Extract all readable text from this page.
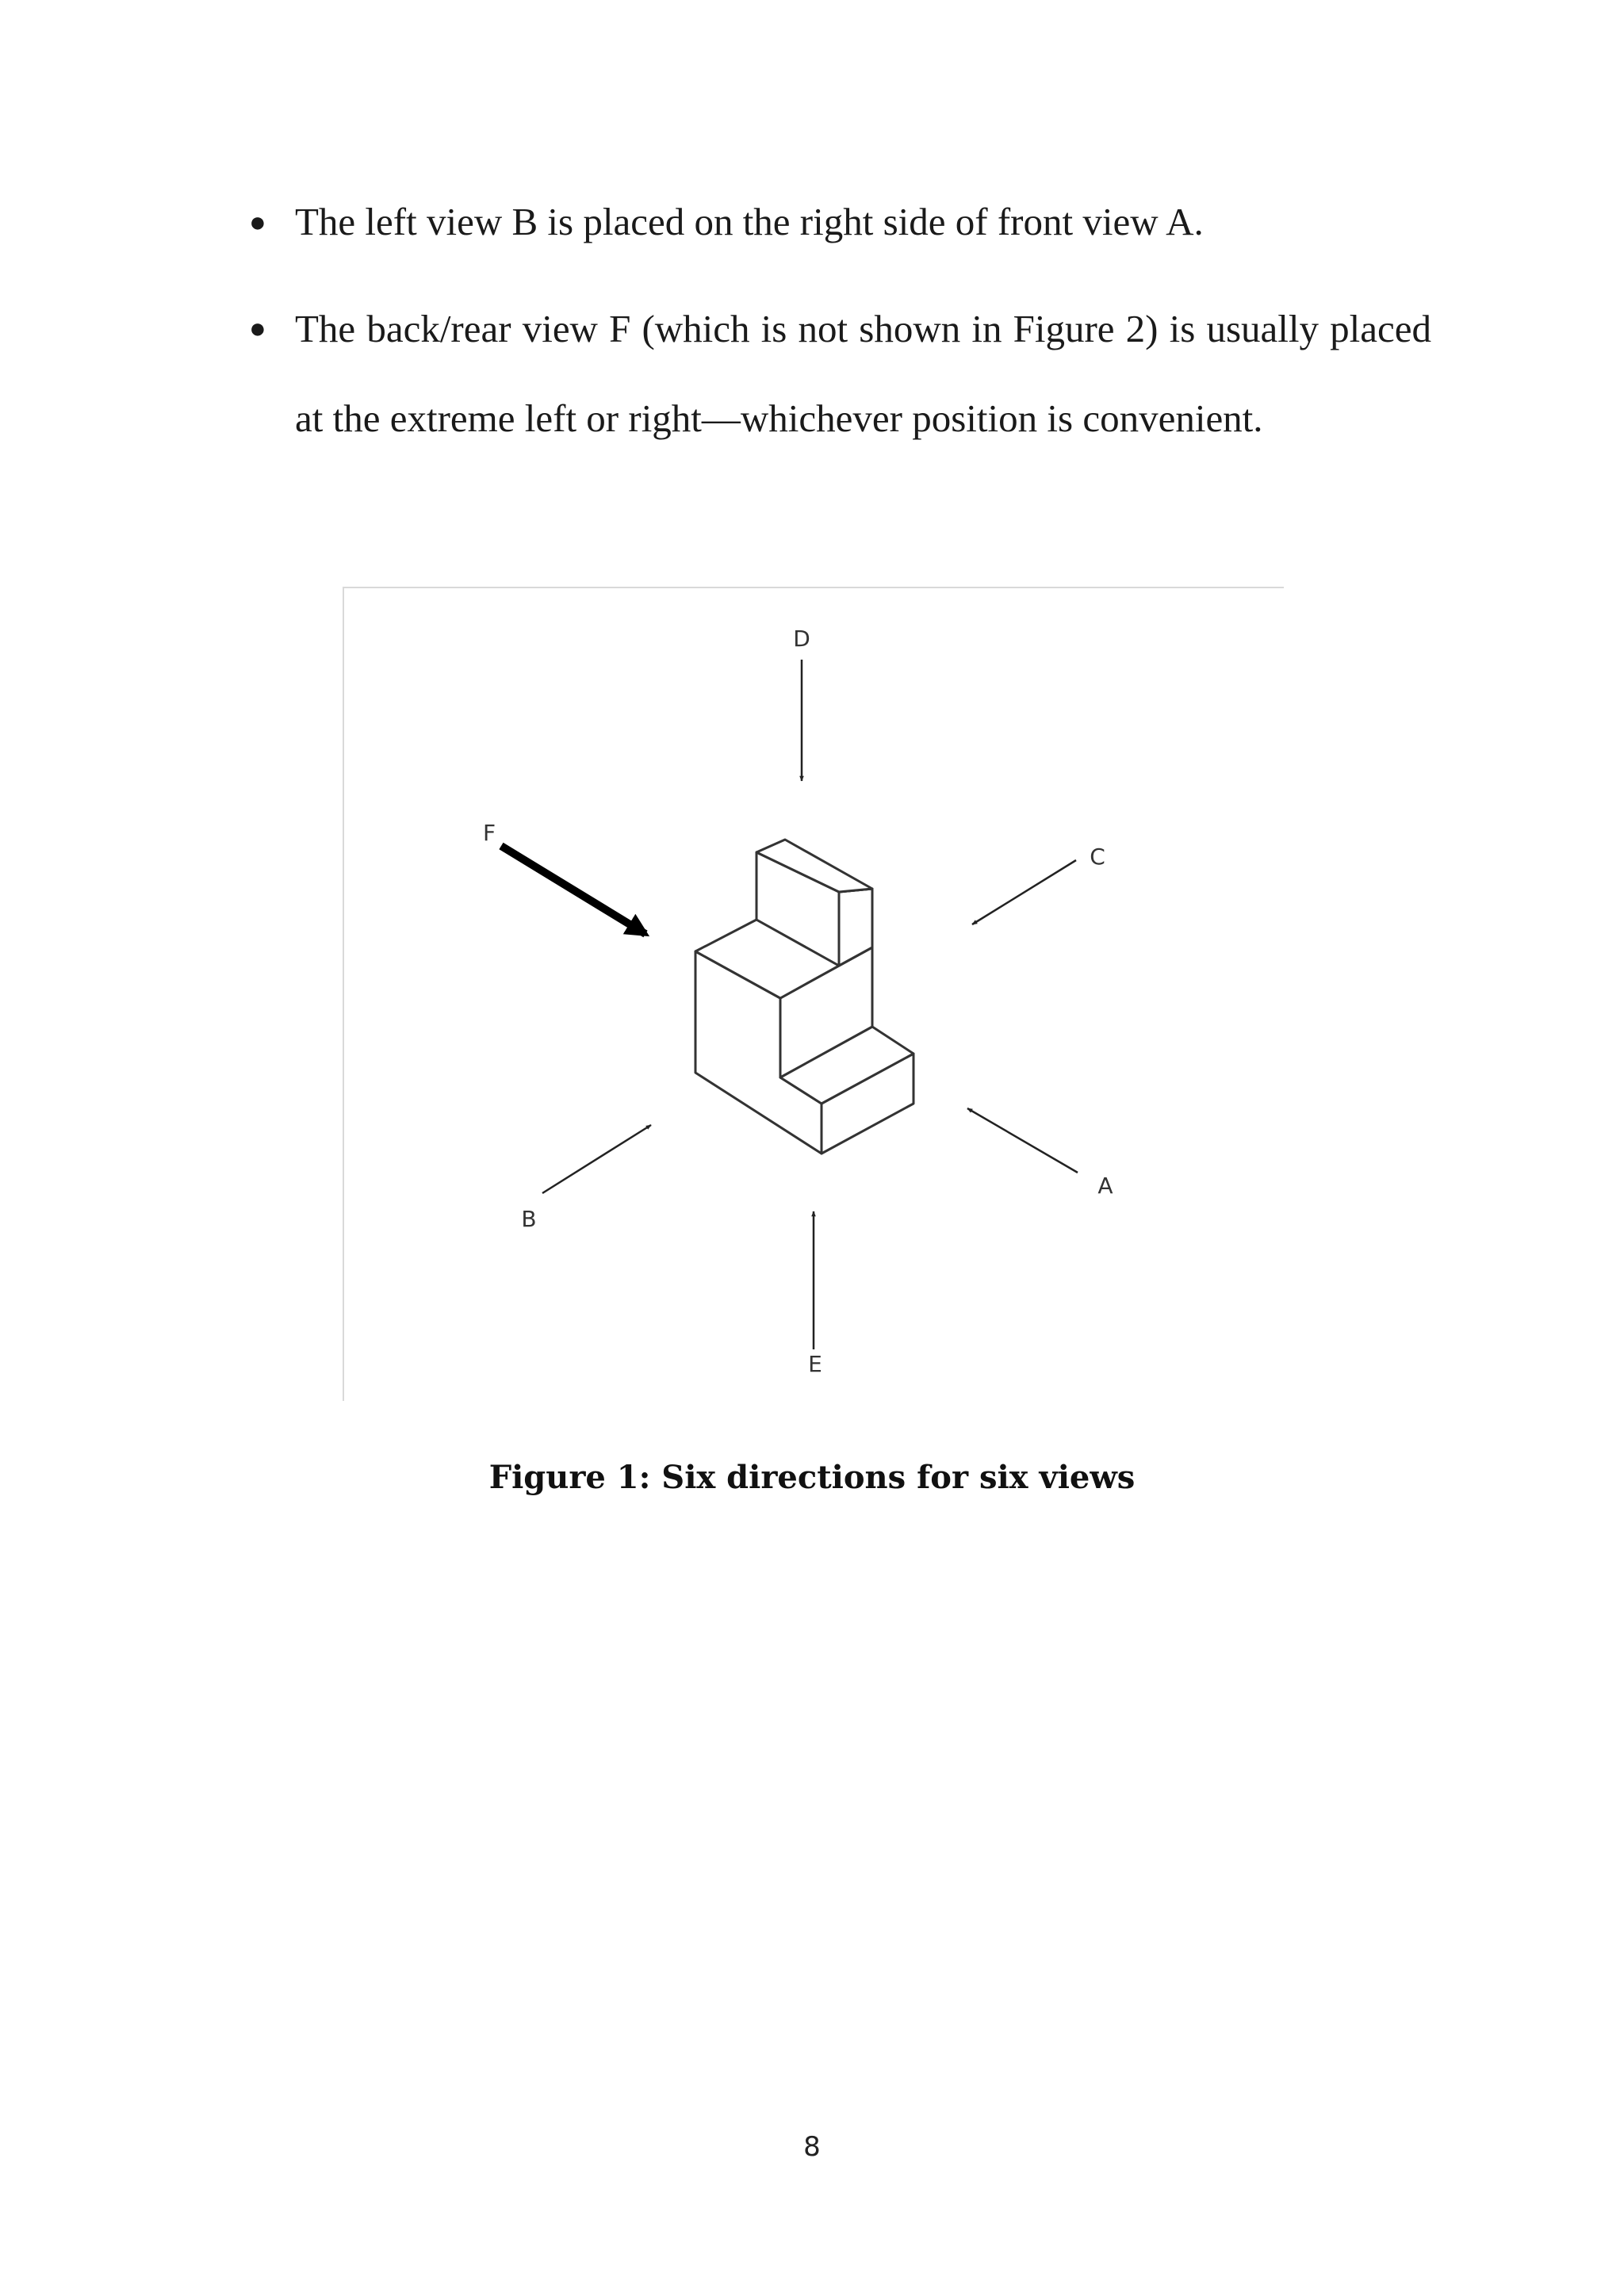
● The left view B is placed on the right side of front view A.
● The back/rear view F (which is not shown in Figure 2) is usually placed at the extreme left or right—whichever position is convenient.
D
C
F
A
B
E
Figure 1: Six directions for six views
8
